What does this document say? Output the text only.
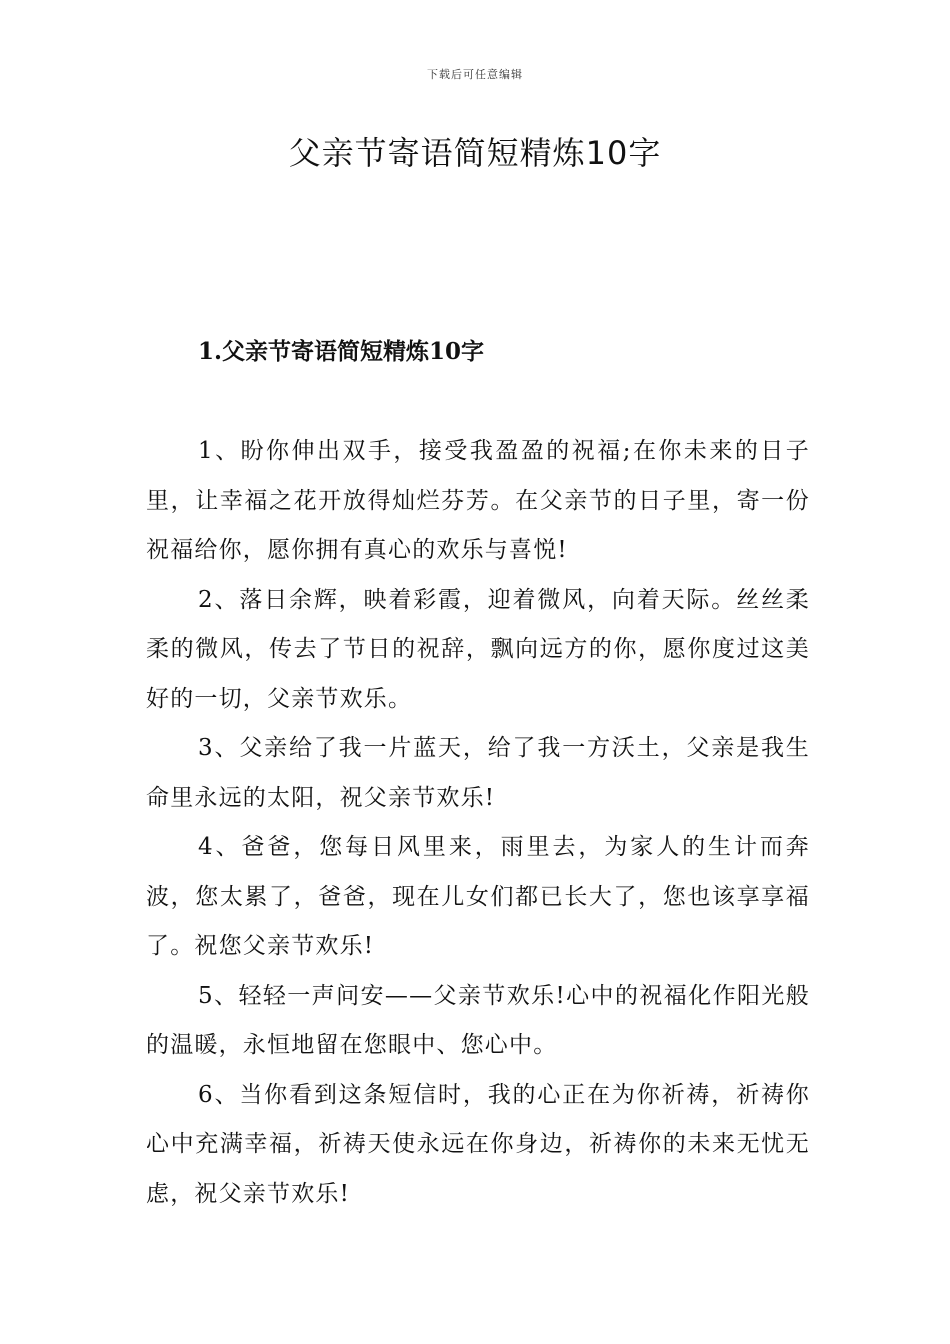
下载后可任意编辑
父亲节寄语简短精炼10字
1.父亲节寄语简短精炼10字

1、盼你伸出双手，接受我盈盈的祝福;在你未来的日子里，让幸福之花开放得灿烂芬芳。在父亲节的日子里，寄一份祝福给你，愿你拥有真心的欢乐与喜悦!

2、落日余辉，映着彩霞，迎着微风，向着天际。丝丝柔柔的微风，传去了节日的祝辞，飘向远方的你，愿你度过这美好的一切，父亲节欢乐。

3、父亲给了我一片蓝天，给了我一方沃土，父亲是我生命里永远的太阳，祝父亲节欢乐!

4、爸爸，您每日风里来，雨里去，为家人的生计而奔波，您太累了，爸爸，现在儿女们都已长大了，您也该享享福了。祝您父亲节欢乐!

5、轻轻一声问安——父亲节欢乐!心中的祝福化作阳光般的温暖，永恒地留在您眼中、您心中。

6、当你看到这条短信时，我的心正在为你祈祷，祈祷你心中充满幸福，祈祷天使永远在你身边，祈祷你的未来无忧无虑，祝父亲节欢乐!
